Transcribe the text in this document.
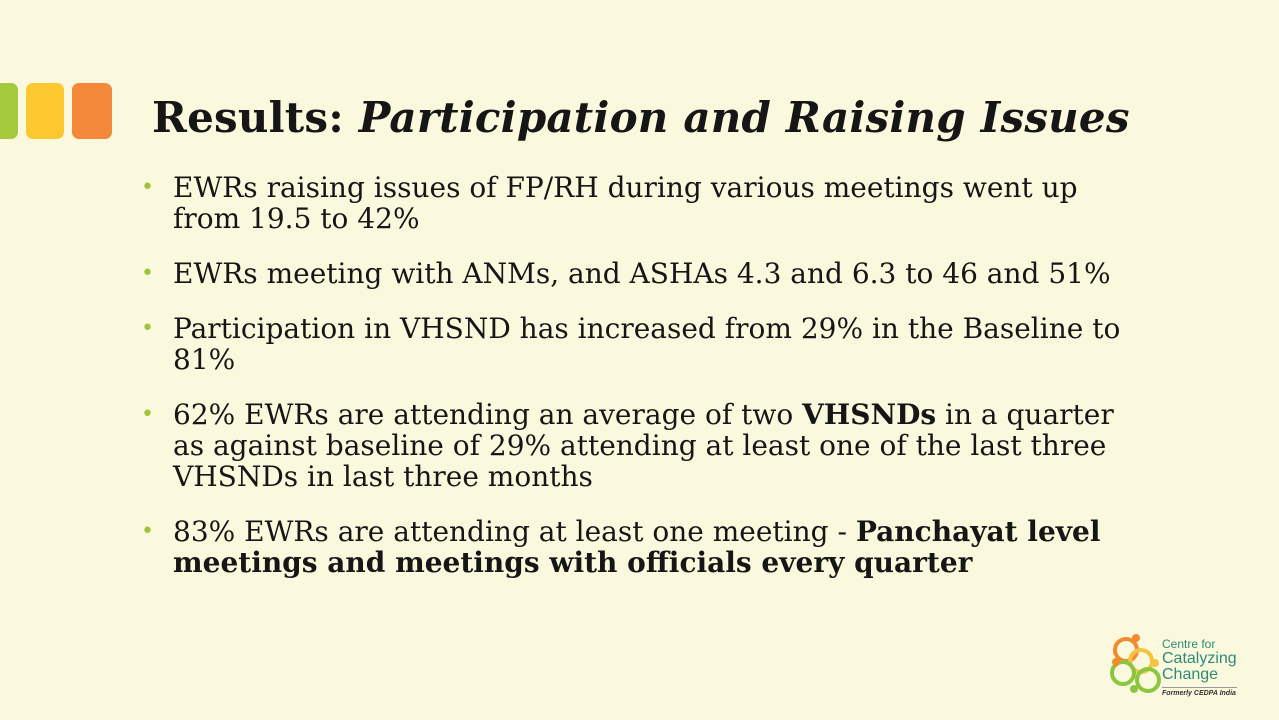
Results: Participation and Raising Issues
• EWRs raising issues of FP/RH during various meetings went up from 19.5 to 42%
• EWRs meeting with ANMs, and ASHAs 4.3 and 6.3 to 46 and 51%
• Participation in VHSND has increased from 29% in the Baseline to 81%
• 62% EWRs are attending an average of two VHSNDs in a quarter as against baseline of 29% attending at least one of the last three VHSNDs in last three months
• 83% EWRs are attending at least one meeting - Panchayat level meetings and meetings with officials every quarter
Centre for
Catalyzing
Change
Formerly CEDPA India
